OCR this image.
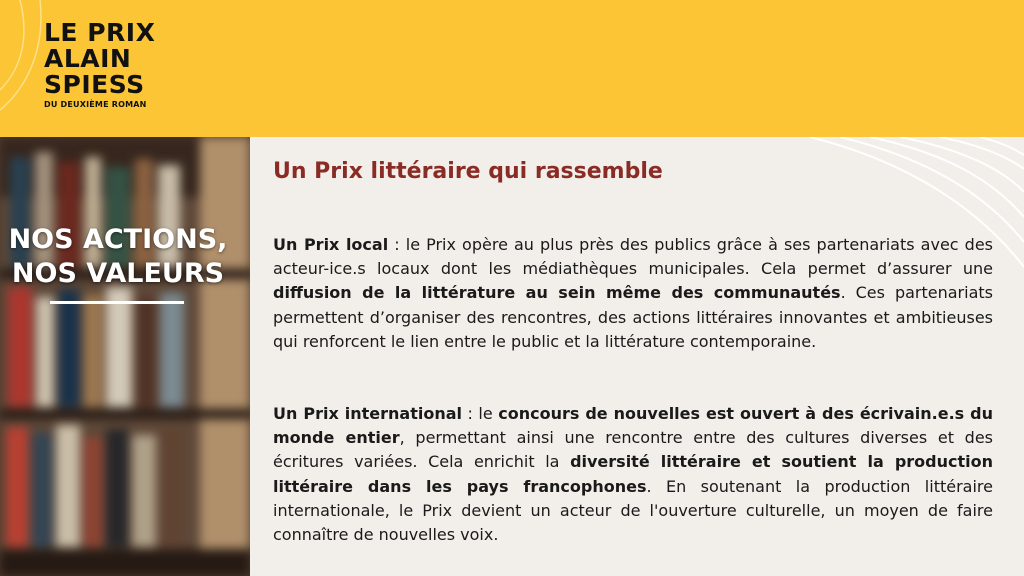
LE PRIX
ALAIN
SPIESS
DU DEUXIÈME ROMAN
NOS ACTIONS,
NOS VALEURS
Un Prix littéraire qui rassemble
Un Prix local : le Prix opère au plus près des publics grâce à ses partenariats avec des acteur-ice.s locaux dont les médiathèques municipales. Cela permet d’assurer une diffusion de la littérature au sein même des communautés. Ces partenariats permettent d’organiser des rencontres, des actions littéraires innovantes et ambitieuses qui renforcent le lien entre le public et la littérature contemporaine.
Un Prix international : le concours de nouvelles est ouvert à des écrivain.e.s du monde entier, permettant ainsi une rencontre entre des cultures diverses et des écritures variées. Cela enrichit la diversité littéraire et soutient la production littéraire dans les pays francophones. En soutenant la production littéraire internationale, le Prix devient un acteur de l'ouverture culturelle, un moyen de faire connaître de nouvelles voix.
